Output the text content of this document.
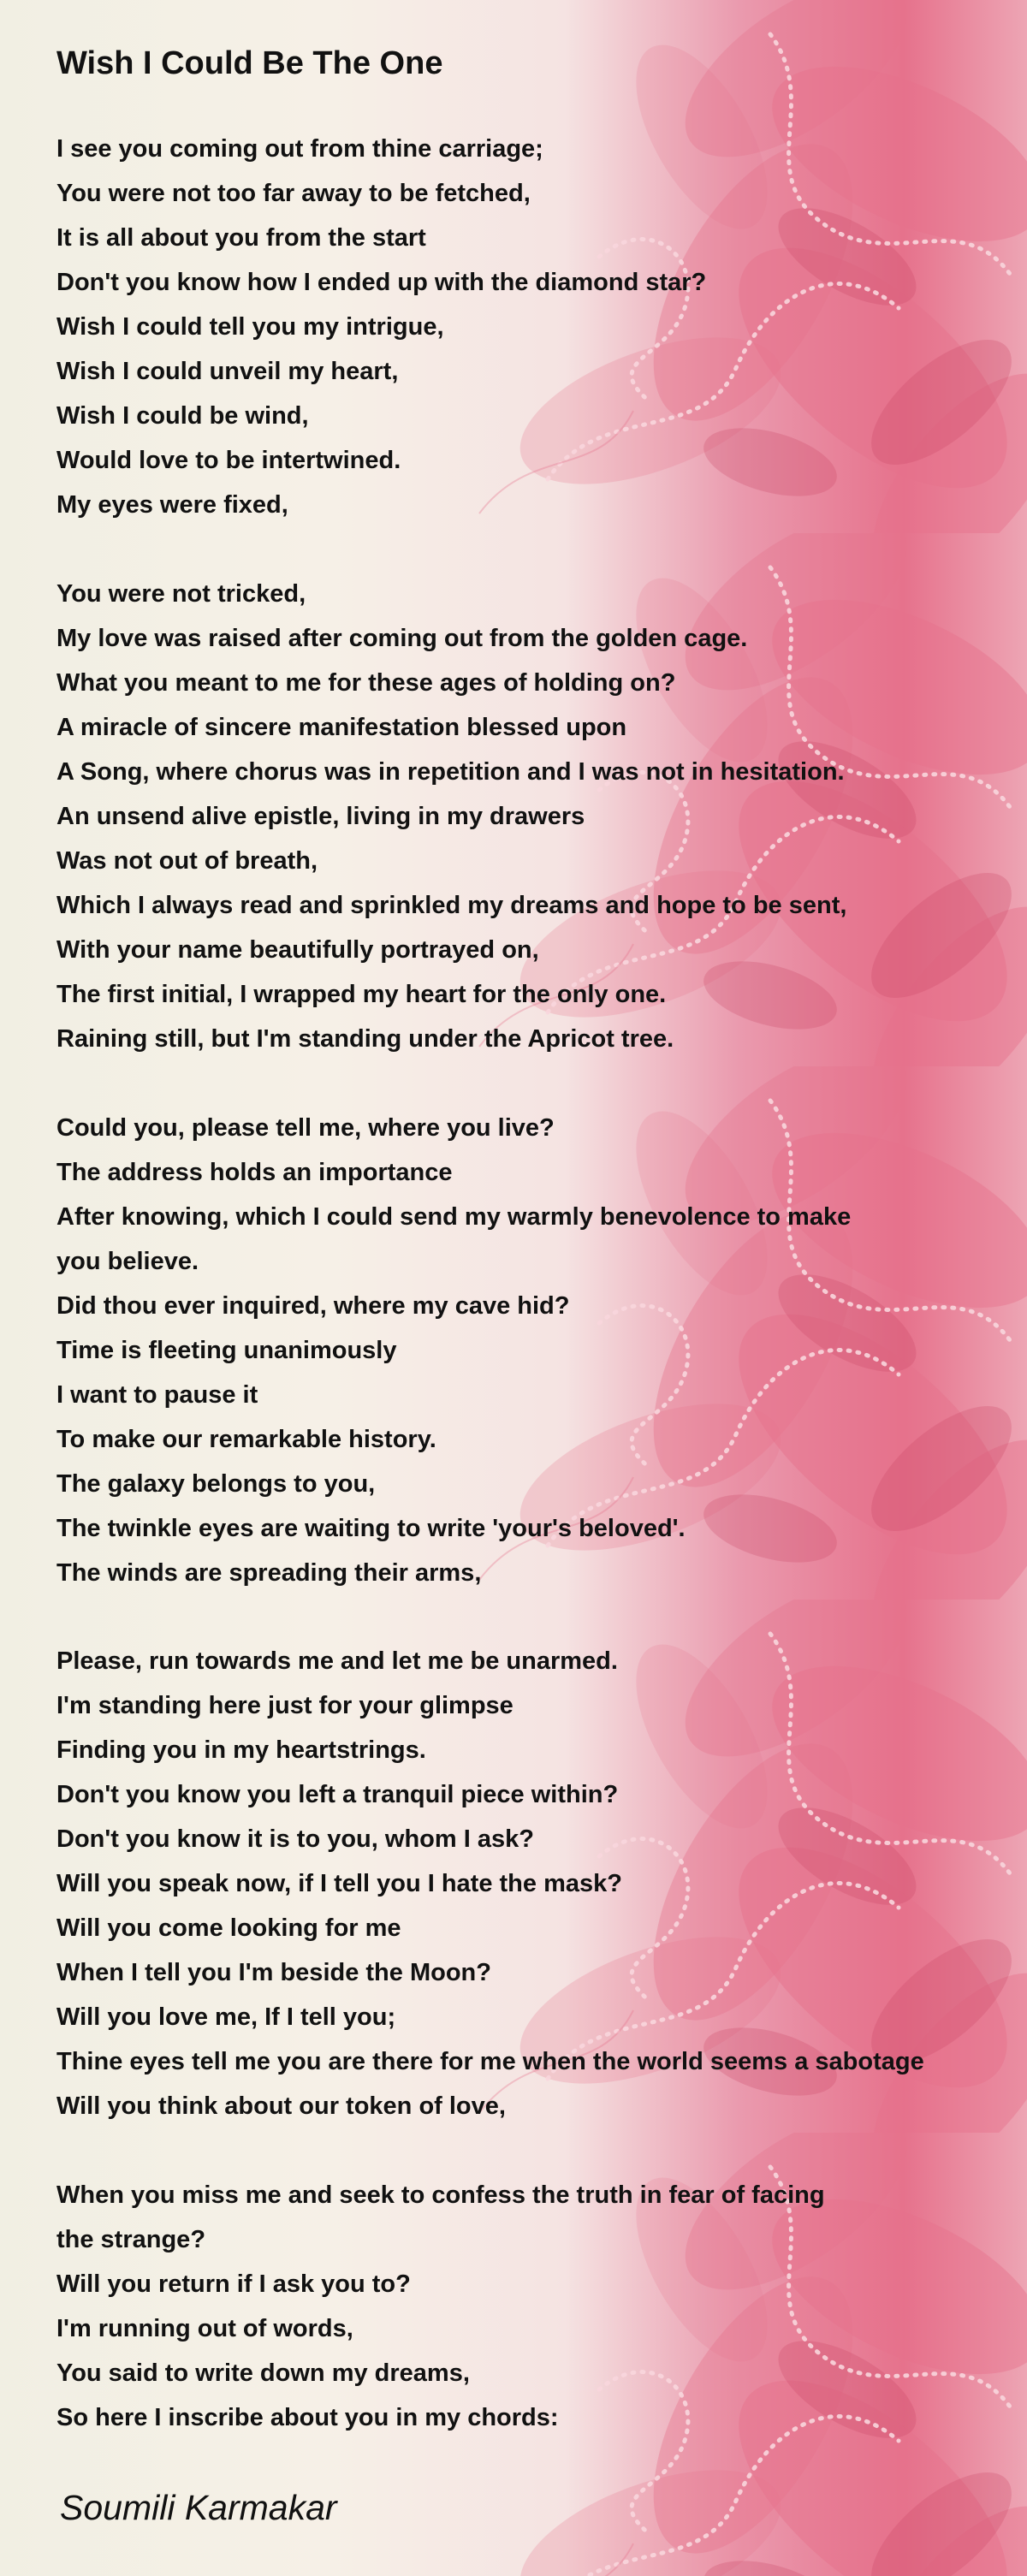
Wish I Could Be The One
I see you coming out from thine carriage;
You were not too far away to be fetched,
It is all about you from the start
Don't you know how I ended up with the diamond star?
Wish I could tell you my intrigue,
Wish I could unveil my heart,
Wish I could be wind,
Would love to be intertwined.
My eyes were fixed,
You were not tricked,
My love was raised after coming out from the golden cage.
What you meant to me for these ages of holding on?
A miracle of sincere manifestation blessed upon
A Song, where chorus was in repetition and I was not in hesitation.
An unsend alive epistle, living in my drawers
Was not out of breath,
Which I always read and sprinkled my dreams and hope to be sent,
With your name beautifully portrayed on,
The first initial, I wrapped my heart for the only one.
Raining still, but I'm standing under the Apricot tree.
Could you, please tell me, where you live?
The address holds an importance
After knowing, which I could send my warmly benevolence to make
you believe.
Did thou ever inquired, where my cave hid?
Time is fleeting unanimously
I want to pause it
To make our remarkable history.
The galaxy belongs to you,
The twinkle eyes are waiting to write 'your's beloved'.
The winds are spreading their arms,
Please, run towards me and let me be unarmed.
I'm standing here just for your glimpse
Finding you in my heartstrings.
Don't you know you left a tranquil piece within?
Don't you know it is to you, whom I ask?
Will you speak now, if I tell you I hate the mask?
Will you come looking for me
When I tell you I'm beside the Moon?
Will you love me, If I tell you;
Thine eyes tell me you are there for me when the world seems a sabotage
Will you think about our token of love,
When you miss me and seek to confess the truth in fear of facing
the strange?
Will you return if I ask you to?
I'm running out of words,
You said to write down my dreams,
So here I inscribe about you in my chords:

Soumili Karmakar
